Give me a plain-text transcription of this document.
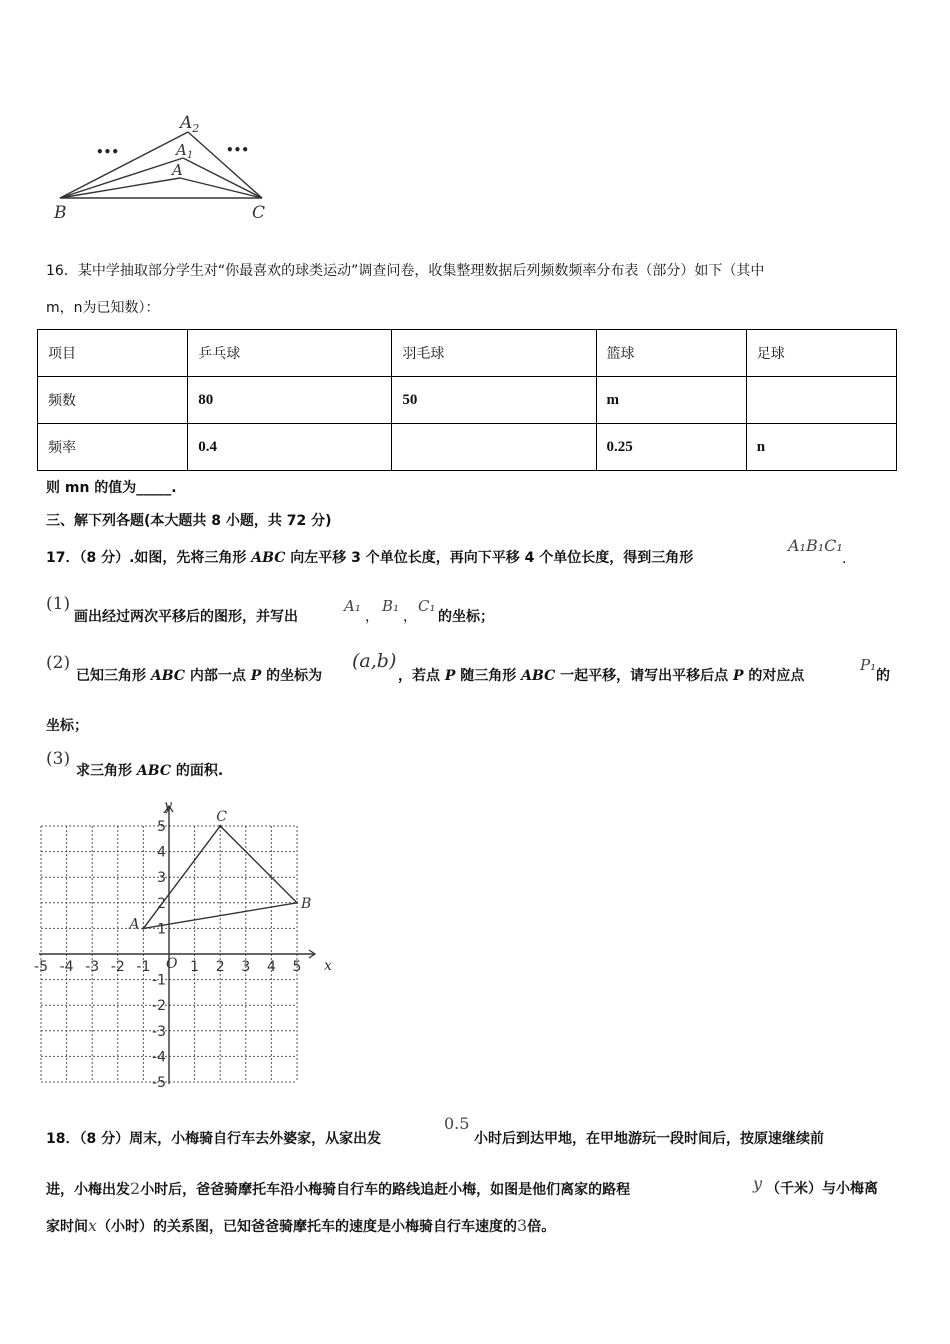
$A_2$
$A_1$
A
B	C
•••	•••
16．某中学抽取部分学生对“你最喜欢的球类运动”调查问卷，收集整理数据后列频数频率分布表（部分）如下（其中
m，n为已知数）：
项目	乒乓球	羽毛球	篮球	足球
频数	80	50	m	
频率	0.4		0.25	n
则 mn 的值为_____.
三、解下列各题(本大题共 8 小题，共 72 分)
17．（8 分）.如图，先将三角形 ABC 向左平移 3 个单位长度，再向下平移 4 个单位长度，得到三角形
A₁B₁C₁
.
(1)
画出经过两次平移后的图形，并写出
A₁
，
B₁
，
C₁
的坐标；
(2)
已知三角形 ABC 内部一点 P 的坐标为
(a,b)
，若点 P 随三角形 ABC 一起平移，请写出平移后点 P 的对应点
P₁
的
坐标；
(3)
求三角形 ABC 的面积.
-5 -4 -3 -2 -1	1 2 3 4 5
5
4
3
2
1
-1
-2
-3
-4
-5
A
B
C
x
y
O
18．（8 分）周末，小梅骑自行车去外婆家，从家出发
0.5
小时后到达甲地，在甲地游玩一段时间后，按原速继续前
进，小梅出发2小时后，爸爸骑摩托车沿小梅骑自行车的路线追赶小梅，如图是他们离家的路程	y （千米）与小梅离
家时间x（小时）的关系图，已知爸爸骑摩托车的速度是小梅骑自行车速度的3倍。
